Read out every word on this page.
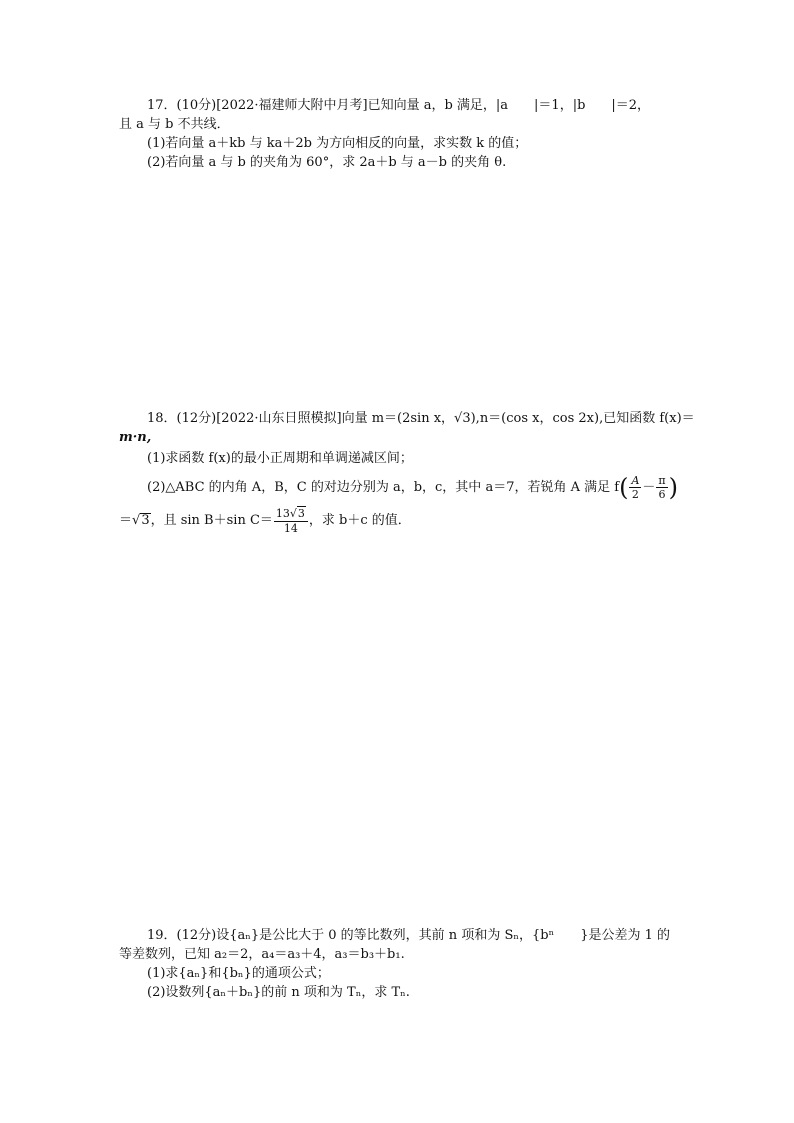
17．(10分)[2022·福建师大附中月考]已知向量 a，b 满足，|a　　|＝1，|b　　|＝2，
且 a 与 b 不共线．
(1)若向量 a＋kb 与 ka＋2b 为方向相反的向量，求实数 k 的值；
(2)若向量 a 与 b 的夹角为 60°，求 2a＋b 与 a－b 的夹角 θ.
18．(12分)[2022·山东日照模拟]向量 m＝(2sin x，√3),n＝(cos x，cos 2x),已知函数 f(x)＝
m·n,
(1)求函数 f(x)的最小正周期和单调递减区间；
(2)△ABC 的内角 A，B，C 的对边分别为 a，b，c，其中 a＝7，若锐角 A 满足 $f( \frac{A}{2} - \frac{\pi}{6}$ )
＝√3，且 sin B＋sin $C= \frac{13√3}{14}$ ，求 b＋c 的值．
19．(12分)设{aₙ}是公比大于 0 的等比数列，其前 n 项和为 Sₙ，{bⁿ　　}是公差为 1 的
等差数列，已知 a₂＝2，a₄＝a₃＋4，a₃＝b₃＋b₁.
(1)求{aₙ}和{bₙ}的通项公式；
(2)设数列{aₙ＋bₙ}的前 n 项和为 Tₙ，求 Tₙ.
